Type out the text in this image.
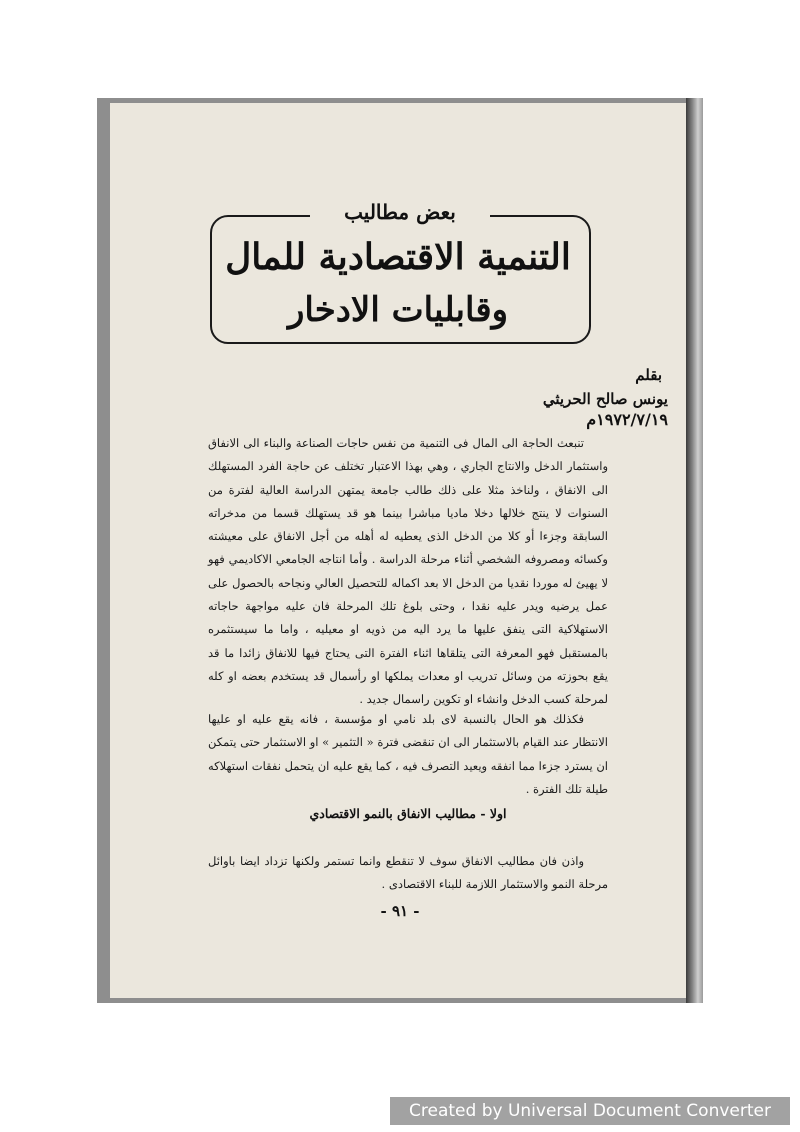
بعض مطاليب
التنمية الاقتصادية للمال
وقابليات الادخار
بقلم
يونس صالح الحريثي
١٩٧٢/٧/١٩م

تنبعث الحاجة الى المال فى التنمية من نفس حاجات الصناعة والبناء الى الانفاق واستثمار الدخل والانتاج الجاري ، وهي بهذا الاعتبار تختلف عن حاجة الفرد المستهلك الى الانفاق ، ولناخذ مثلا على ذلك طالب جامعة يمتهن الدراسة العالية لفترة من السنوات لا ينتج خلالها دخلا ماديا مباشرا بينما هو قد يستهلك قسما من مدخراته السابقة وجزءا أو كلا من الدخل الذى يعطيه له أهله من أجل الانفاق على معيشته وكسائه ومصروفه الشخصي أثناء مرحلة الدراسة . وأما انتاجه الجامعي الاكاديمي فهو لا يهيئ له موردا نقديا من الدخل الا بعد اكماله للتحصيل العالي ونجاحه بالحصول على عمل يرضيه ويدر عليه نقدا ، وحتى بلوغ تلك المرحلة فان عليه مواجهة حاجاته الاستهلاكية التى ينفق عليها ما يرد اليه من ذويه او معيليه ، واما ما سيستثمره بالمستقبل فهو المعرفة التى يتلقاها اثناء الفترة التى يحتاج فيها للانفاق زائدا ما قد يقع بحوزته من وسائل تدريب او معدات يملكها او رأسمال قد يستخدم بعضه او كله لمرحلة كسب الدخل وانشاء او تكوين راسمال جديد .

فكذلك هو الحال بالنسبة لاى بلد نامي او مؤسسة ، فانه يقع عليه او عليها الانتظار عند القيام بالاستثمار الى ان تنقضى فترة « التثمير » او الاستثمار حتى يتمكن ان يسترد جزءا مما انفقه ويعيد التصرف فيه ، كما يقع عليه ان يتحمل نفقات استهلاكه طيلة تلك الفترة .

اولا - مطاليب الانفاق بالنمو الاقتصادي

واذن فان مطاليب الانفاق سوف لا تنقطع وانما تستمر ولكنها تزداد ايضا باوائل مرحلة النمو والاستثمار اللازمة للبناء الاقتصادى .

- ٩١ -
Created by Universal Document Converter
